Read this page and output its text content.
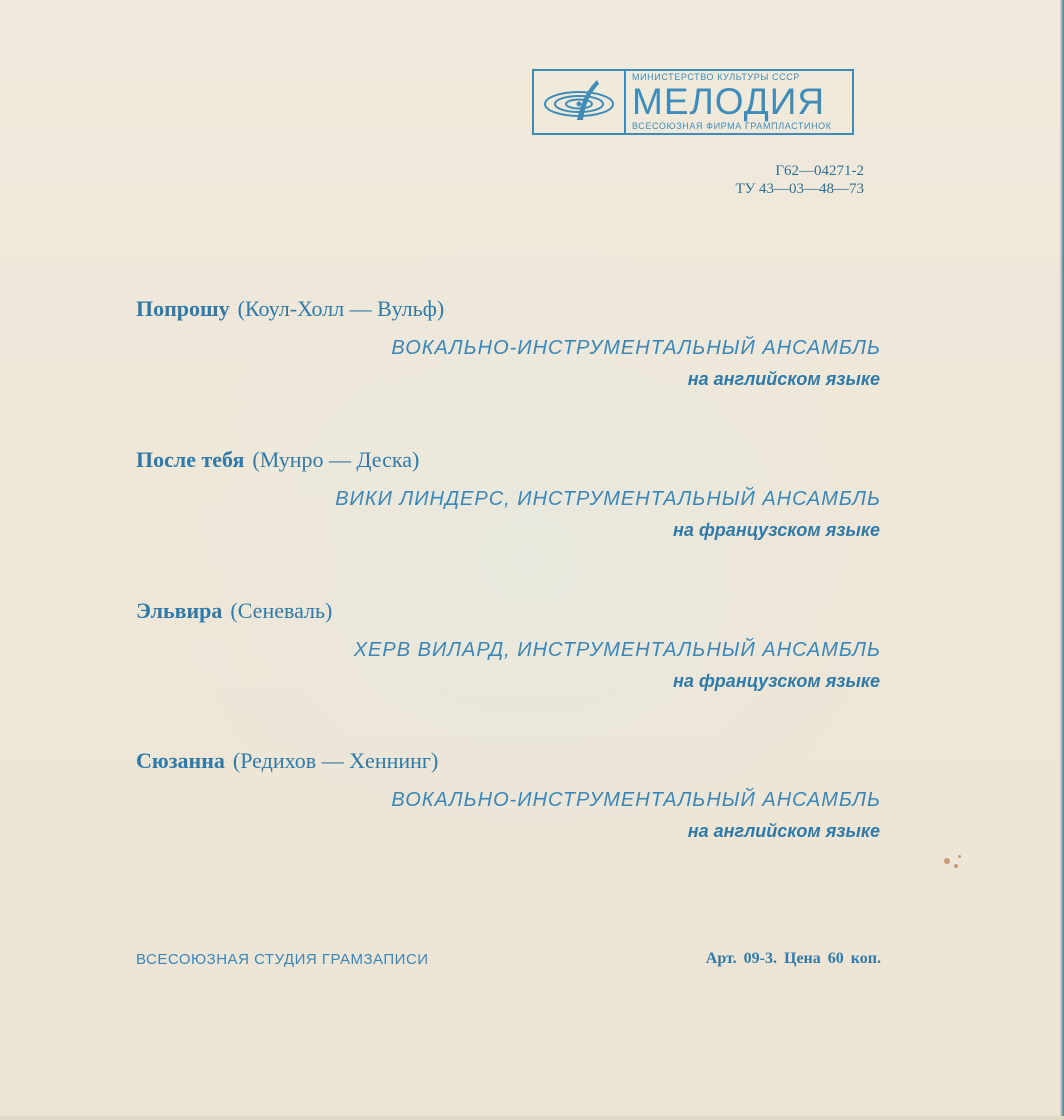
МИНИСТЕРСТВО КУЛЬТУРЫ СССР
МЕЛОДИЯ
ВСЕСОЮЗНАЯ ФИРМА ГРАМПЛАСТИНОК
Г62—04271-2
ТУ 43—03—48—73
Попрошу (Коул-Холл — Вульф)
ВОКАЛЬНО-ИНСТРУМЕНТАЛЬНЫЙ АНСАМБЛЬ
на английском языке
После тебя (Мунро — Деска)
ВИКИ ЛИНДЕРС, ИНСТРУМЕНТАЛЬНЫЙ АНСАМБЛЬ
на французском языке
Эльвира (Сеневаль)
ХЕРВ ВИЛАРД, ИНСТРУМЕНТАЛЬНЫЙ АНСАМБЛЬ
на французском языке
Сюзанна (Редихов — Хеннинг)
ВОКАЛЬНО-ИНСТРУМЕНТАЛЬНЫЙ АНСАМБЛЬ
на английском языке
ВСЕСОЮЗНАЯ СТУДИЯ ГРАМЗАПИСИ	Арт. 09-3. Цена 60 коп.
